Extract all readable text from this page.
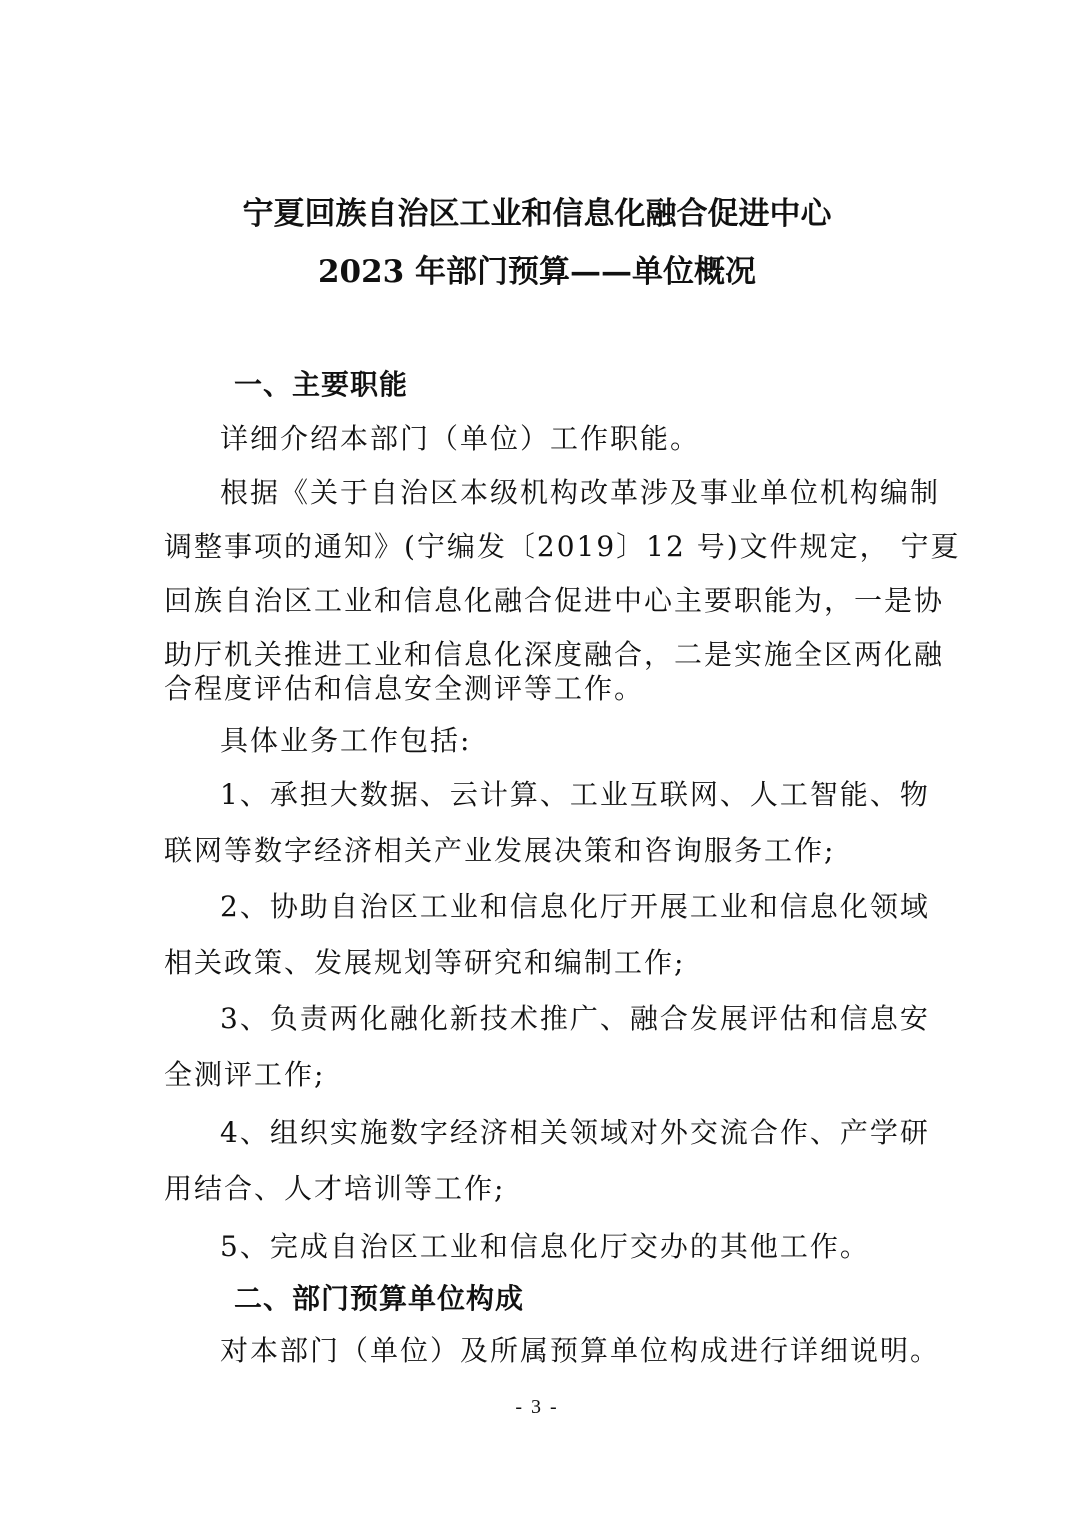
宁夏回族自治区工业和信息化融合促进中心
2023 年部门预算——单位概况
一、主要职能
详细介绍本部门（单位）工作职能。
根据《关于自治区本级机构改革涉及事业单位机构编制
调整事项的通知》(宁编发〔2019〕12 号)文件规定， 宁夏
回族自治区工业和信息化融合促进中心主要职能为，一是协
助厅机关推进工业和信息化深度融合，二是实施全区两化融
合程度评估和信息安全测评等工作。
具体业务工作包括:
1、承担大数据、云计算、工业互联网、人工智能、物
联网等数字经济相关产业发展决策和咨询服务工作;
2、协助自治区工业和信息化厅开展工业和信息化领域
相关政策、发展规划等研究和编制工作;
3、负责两化融化新技术推广、融合发展评估和信息安
全测评工作;
4、组织实施数字经济相关领域对外交流合作、产学研
用结合、人才培训等工作;
5、完成自治区工业和信息化厅交办的其他工作。
二、部门预算单位构成
对本部门（单位）及所属预算单位构成进行详细说明。
- 3 -
